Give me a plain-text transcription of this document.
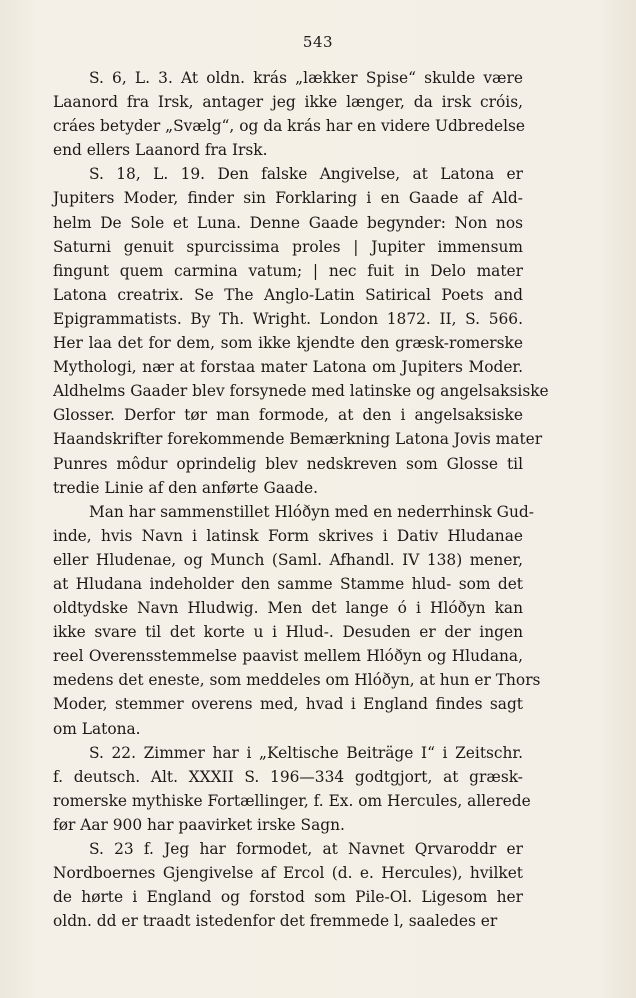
543
S. 6, L. 3. At oldn. krás „lækker Spise“ skulde være
Laanord fra Irsk, antager jeg ikke længer, da irsk cróis,
cráes betyder „Svælg“, og da krás har en videre Udbredelse
end ellers Laanord fra Irsk.
S. 18, L. 19. Den falske Angivelse, at Latona er
Jupiters Moder, finder sin Forklaring i en Gaade af Ald-
helm De Sole et Luna. Denne Gaade begynder: Non nos
Saturni genuit spurcissima proles | Jupiter immensum
fingunt quem carmina vatum; | nec fuit in Delo mater
Latona creatrix. Se The Anglo-Latin Satirical Poets and
Epigrammatists. By Th. Wright. London 1872. II, S. 566.
Her laa det for dem, som ikke kjendte den græsk-romerske
Mythologi, nær at forstaa mater Latona om Jupiters Moder.
Aldhelms Gaader blev forsynede med latinske og angelsaksiske
Glosser. Derfor tør man formode, at den i angelsaksiske
Haandskrifter forekommende Bemærkning Latona Jovis mater
Punres môdur oprindelig blev nedskreven som Glosse til
tredie Linie af den anførte Gaade.
Man har sammenstillet Hlóðyn med en nederrhinsk Gud-
inde, hvis Navn i latinsk Form skrives i Dativ Hludanae
eller Hludenae, og Munch (Saml. Afhandl. IV 138) mener,
at Hludana indeholder den samme Stamme hlud- som det
oldtydske Navn Hludwig. Men det lange ó i Hlóðyn kan
ikke svare til det korte u i Hlud-. Desuden er der ingen
reel Overensstemmelse paavist mellem Hlóðyn og Hludana,
medens det eneste, som meddeles om Hlóðyn, at hun er Thors
Moder, stemmer overens med, hvad i England findes sagt
om Latona.
S. 22. Zimmer har i „Keltische Beiträge I“ i Zeitschr.
f. deutsch. Alt. XXXII S. 196—334 godtgjort, at græsk-
romerske mythiske Fortællinger, f. Ex. om Hercules, allerede
før Aar 900 har paavirket irske Sagn.
S. 23 f. Jeg har formodet, at Navnet Qrvaroddr er
Nordboernes Gjengivelse af Ercol (d. e. Hercules), hvilket
de hørte i England og forstod som Pile-Ol. Ligesom her
oldn. dd er traadt istedenfor det fremmede l, saaledes er
